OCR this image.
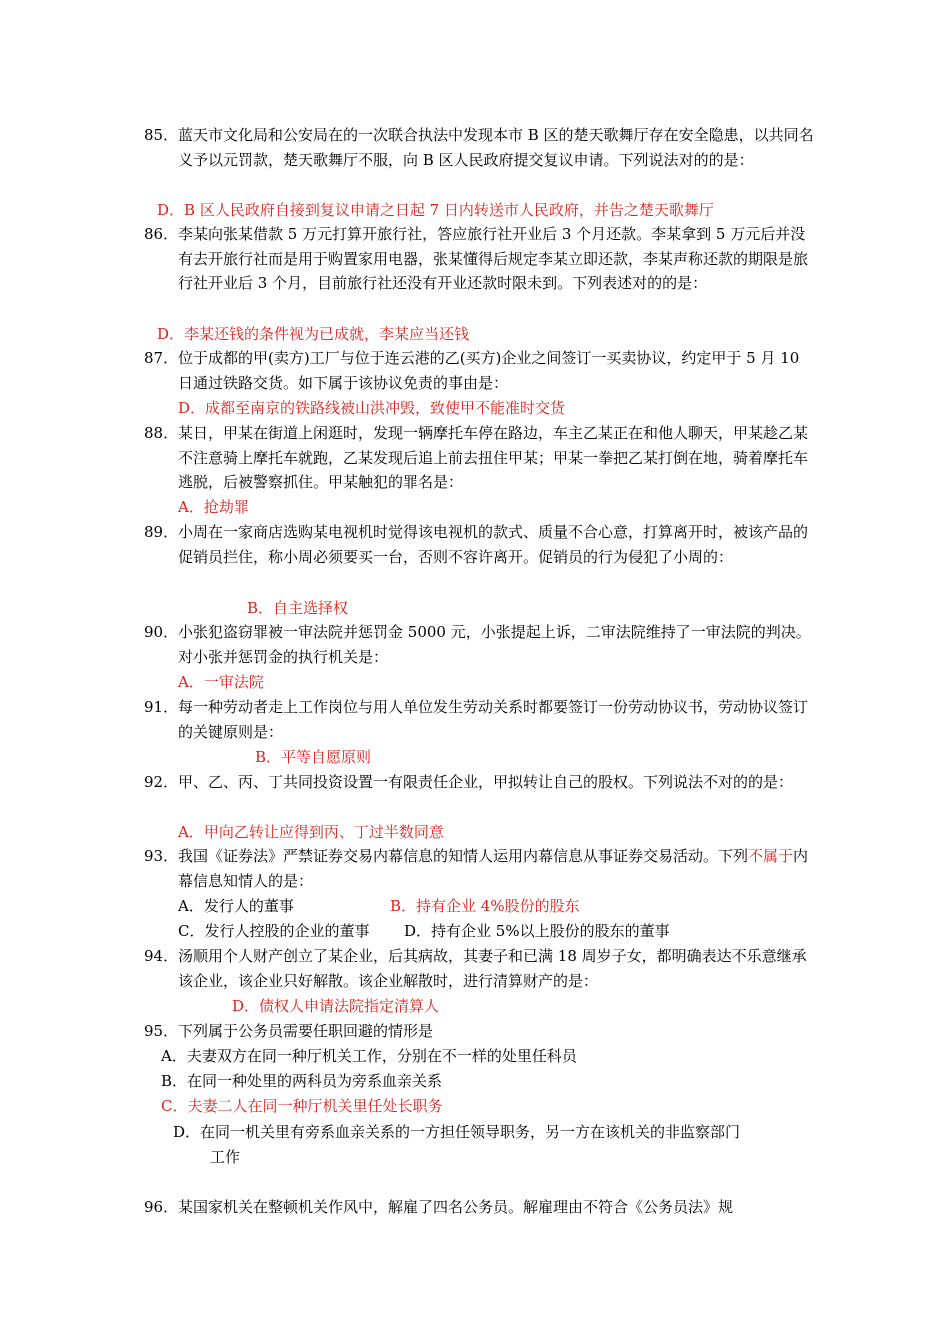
85． 蓝天市文化局和公安局在的一次联合执法中发现本市 B 区的楚天歌舞厅存在安全隐患，以共同名义予以元罚款，楚天歌舞厅不服，向 B 区人民政府提交复议申请。下列说法对的的是：
D．B 区人民政府自接到复议申请之日起 7 日内转送市人民政府，并告之楚天歌舞厅
86． 李某向张某借款 5 万元打算开旅行社，答应旅行社开业后 3 个月还款。李某拿到 5 万元后并没有去开旅行社而是用于购置家用电器，张某懂得后规定李某立即还款，李某声称还款的期限是旅行社开业后 3 个月，目前旅行社还没有开业还款时限未到。下列表述对的的是：
D．李某还钱的条件视为已成就，李某应当还钱
87． 位于成都的甲(卖方)工厂与位于连云港的乙(买方)企业之间签订一买卖协议，约定甲于 5 月 10 日通过铁路交货。如下属于该协议免责的事由是：
D．成都至南京的铁路线被山洪冲毁，致使甲不能准时交货
88． 某日，甲某在街道上闲逛时，发现一辆摩托车停在路边，车主乙某正在和他人聊天，甲某趁乙某不注意骑上摩托车就跑，乙某发现后追上前去扭住甲某；甲某一拳把乙某打倒在地，骑着摩托车逃脱，后被警察抓住。甲某触犯的罪名是：
A．抢劫罪
89． 小周在一家商店选购某电视机时觉得该电视机的款式、质量不合心意，打算离开时，被该产品的促销员拦住，称小周必须要买一台，否则不容许离开。促销员的行为侵犯了小周的：
B．自主选择权
90． 小张犯盗窃罪被一审法院并惩罚金 5000 元，小张提起上诉，二审法院维持了一审法院的判决。对小张并惩罚金的执行机关是：
A．一审法院
91． 每一种劳动者走上工作岗位与用人单位发生劳动关系时都要签订一份劳动协议书，劳动协议签订的关键原则是：
B．平等自愿原则
92． 甲、乙、丙、丁共同投资设置一有限责任企业，甲拟转让自己的股权。下列说法不对的的是：
A．甲向乙转让应得到丙、丁过半数同意
93． 我国《证券法》严禁证券交易内幕信息的知情人运用内幕信息从事证券交易活动。下列不属于内幕信息知情人的是：
A．发行人的董事	B．持有企业 4%股份的股东
C．发行人控股的企业的董事 D．持有企业 5%以上股份的股东的董事
94． 汤顺用个人财产创立了某企业，后其病故，其妻子和已满 18 周岁子女，都明确表达不乐意继承该企业，该企业只好解散。该企业解散时，进行清算财产的是：
D．债权人申请法院指定清算人
95． 下列属于公务员需要任职回避的情形是
A．夫妻双方在同一种厅机关工作，分别在不一样的处里任科员
B．在同一种处里的两科员为旁系血亲关系
C．夫妻二人在同一种厅机关里任处长职务
D．在同一机关里有旁系血亲关系的一方担任领导职务，另一方在该机关的非监察部门
工作
96． 某国家机关在整顿机关作风中，解雇了四名公务员。解雇理由不符合《公务员法》规
